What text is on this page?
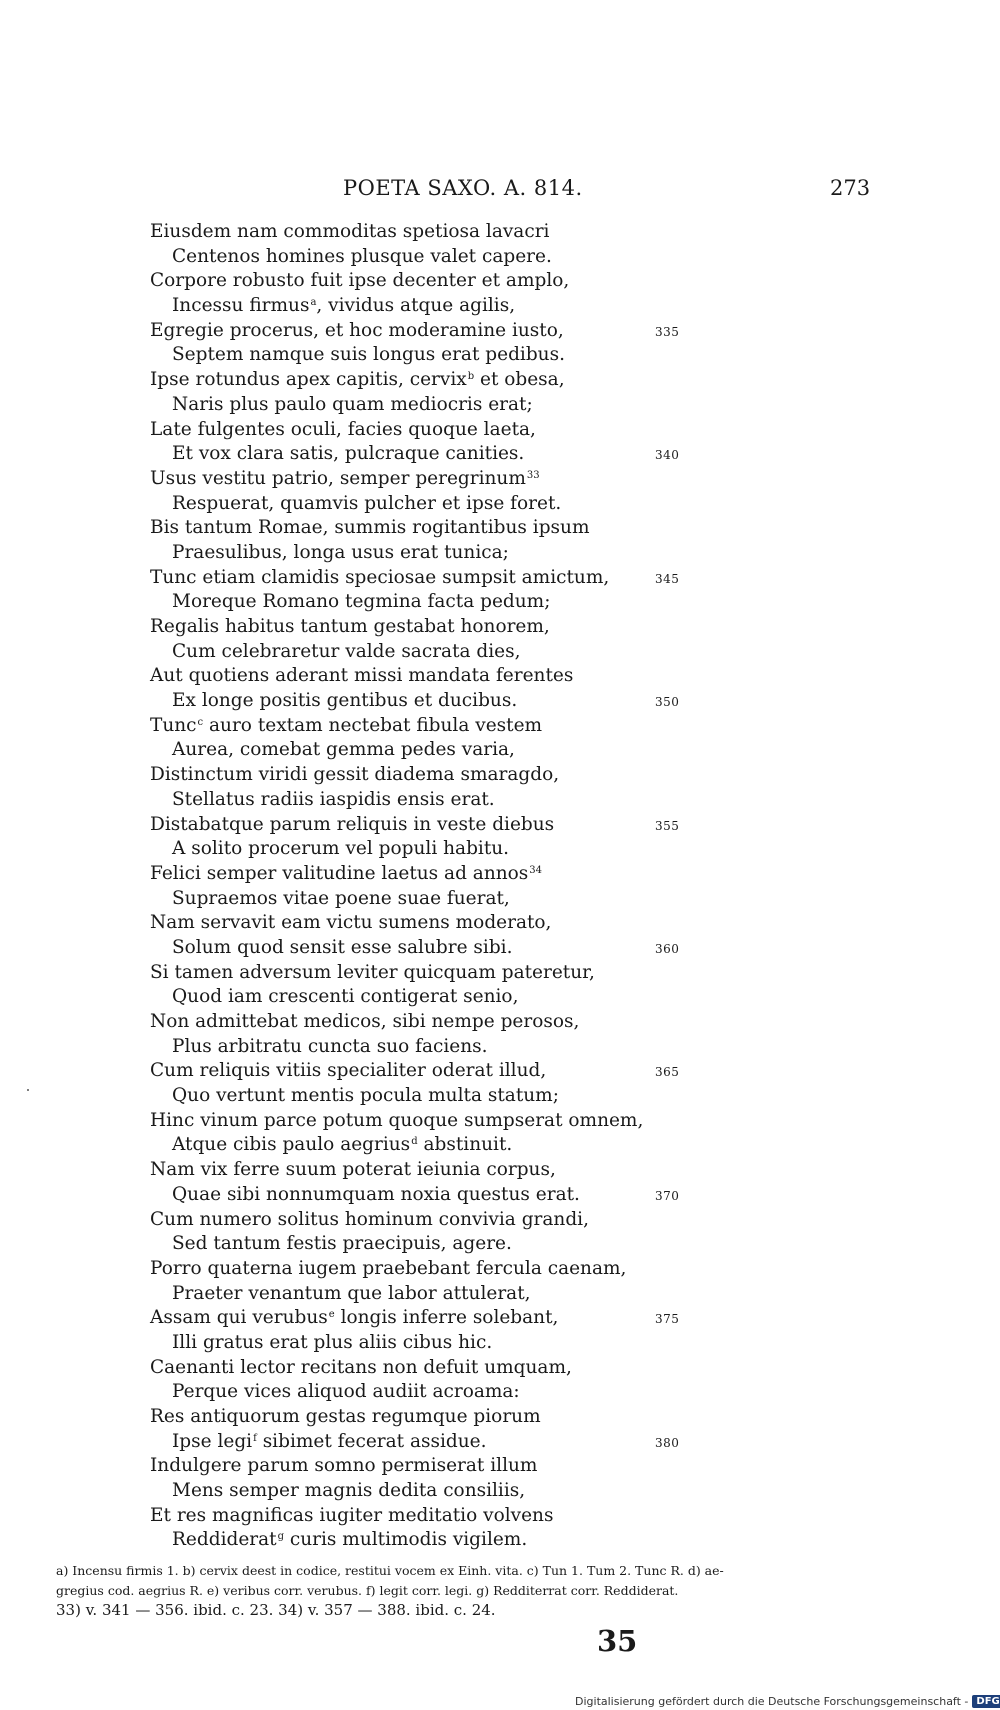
POETA SAXO. A. 814.	273
Eiusdem nam commoditas spetiosa lavacri
Centenos homines plusque valet capere.
Corpore robusto fuit ipse decenter et amplo,
Incessu firmus$^a$, vividus atque agilis,
Egregie procerus, et hoc moderamine iusto,	335
Septem namque suis longus erat pedibus.
Ipse rotundus apex capitis, cervix$^b$ et obesa,
Naris plus paulo quam mediocris erat;
Late fulgentes oculi, facies quoque laeta,
Et vox clara satis, pulcraque canities.	340
Usus vestitu patrio, semper peregrinum$^{33}$
Respuerat, quamvis pulcher et ipse foret.
Bis tantum Romae, summis rogitantibus ipsum
Praesulibus, longa usus erat tunica;
Tunc etiam clamidis speciosae sumpsit amictum,	345
Moreque Romano tegmina facta pedum;
Regalis habitus tantum gestabat honorem,
Cum celebraretur valde sacrata dies,
Aut quotiens aderant missi mandata ferentes
Ex longe positis gentibus et ducibus.	350
Tunc$^c$ auro textam nectebat fibula vestem
Aurea, comebat gemma pedes varia,
Distinctum viridi gessit diadema smaragdo,
Stellatus radiis iaspidis ensis erat.
Distabatque parum reliquis in veste diebus	355
A solito procerum vel populi habitu.
Felici semper valitudine laetus ad annos$^{34}$
Supraemos vitae poene suae fuerat,
Nam servavit eam victu sumens moderato,
Solum quod sensit esse salubre sibi.	360
Si tamen adversum leviter quicquam pateretur,
Quod iam crescenti contigerat senio,
Non admittebat medicos, sibi nempe perosos,
Plus arbitratu cuncta suo faciens.
Cum reliquis vitiis specialiter oderat illud,	365
Quo vertunt mentis pocula multa statum;
Hinc vinum parce potum quoque sumpserat omnem,
Atque cibis paulo aegrius$^d$ abstinuit.
Nam vix ferre suum poterat ieiunia corpus,
Quae sibi nonnumquam noxia questus erat.	370
Cum numero solitus hominum convivia grandi,
Sed tantum festis praecipuis, agere.
Porro quaterna iugem praebebant fercula caenam,
Praeter venantum que labor attulerat,
Assam qui verubus$^e$ longis inferre solebant,	375
Illi gratus erat plus aliis cibus hic.
Caenanti lector recitans non defuit umquam,
Perque vices aliquod audiit acroama:
Res antiquorum gestas regumque piorum
Ipse legi$^f$ sibimet fecerat assidue.	380
Indulgere parum somno permiserat illum
Mens semper magnis dedita consiliis,
Et res magnificas iugiter meditatio volvens
Reddiderat$^g$ curis multimodis vigilem.
a) Incensu firmis 1. b) cervix deest in codice, restitui vocem ex Einh. vita. c) Tun 1. Tum 2. Tunc R. d) ae-
gregius cod. aegrius R. e) veribus corr. verubus. f) legit corr. legi. g) Redditerrat corr. Reddiderat.
33) v. 341 — 356. ibid. c. 23. 34) v. 357 — 388. ibid. c. 24.
35
Digitalisierung gefördert durch die Deutsche Forschungsgemeinschaft - DFG
